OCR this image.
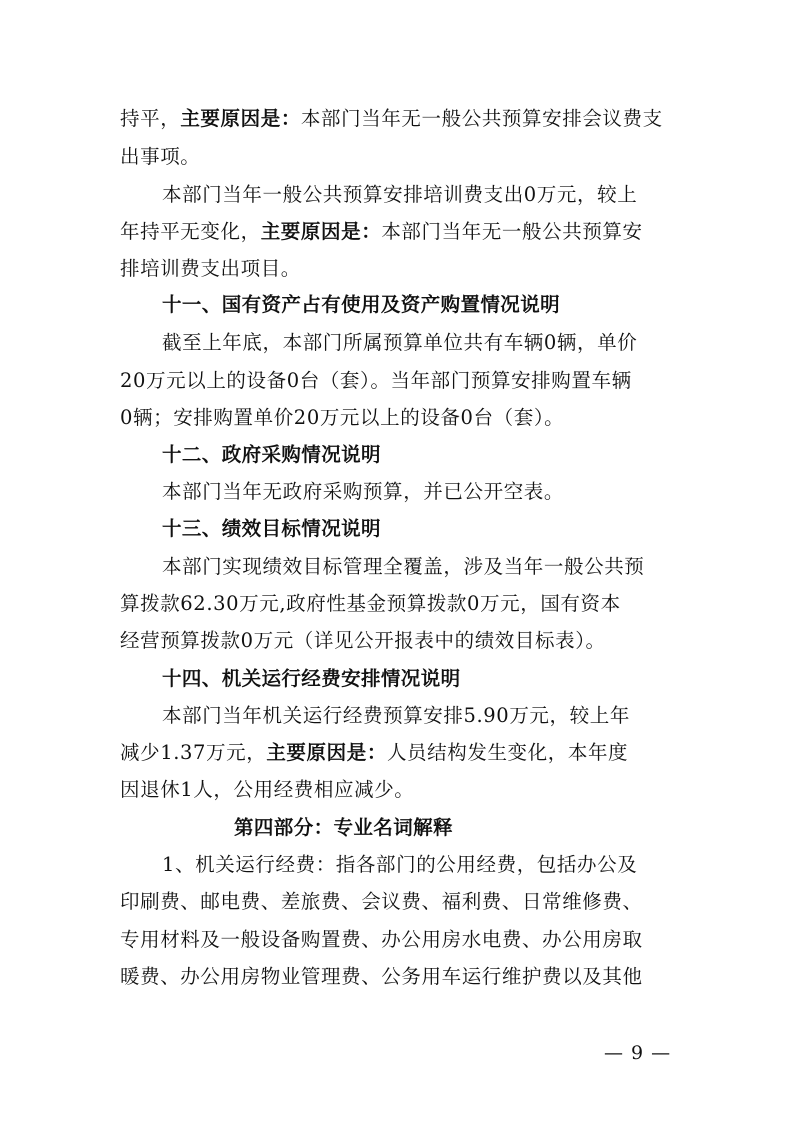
持平，主要原因是：本部门当年无一般公共预算安排会议费支
出事项。
本部门当年一般公共预算安排培训费支出0万元，较上
年持平无变化，主要原因是：本部门当年无一般公共预算安
排培训费支出项目。
十一、国有资产占有使用及资产购置情况说明
截至上年底，本部门所属预算单位共有车辆0辆，单价
20万元以上的设备0台（套）。当年部门预算安排购置车辆
0辆；安排购置单价20万元以上的设备0台（套）。
十二、政府采购情况说明
本部门当年无政府采购预算，并已公开空表。
十三、绩效目标情况说明
本部门实现绩效目标管理全覆盖，涉及当年一般公共预
算拨款62.30万元,政府性基金预算拨款0万元，国有资本
经营预算拨款0万元（详见公开报表中的绩效目标表）。
十四、机关运行经费安排情况说明
本部门当年机关运行经费预算安排5.90万元，较上年
减少1.37万元，主要原因是：人员结构发生变化，本年度
因退休1人，公用经费相应减少。
第四部分：专业名词解释
1、机关运行经费：指各部门的公用经费，包括办公及
印刷费、邮电费、差旅费、会议费、福利费、日常维修费、
专用材料及一般设备购置费、办公用房水电费、办公用房取
暖费、办公用房物业管理费、公务用车运行维护费以及其他
— 9 —
